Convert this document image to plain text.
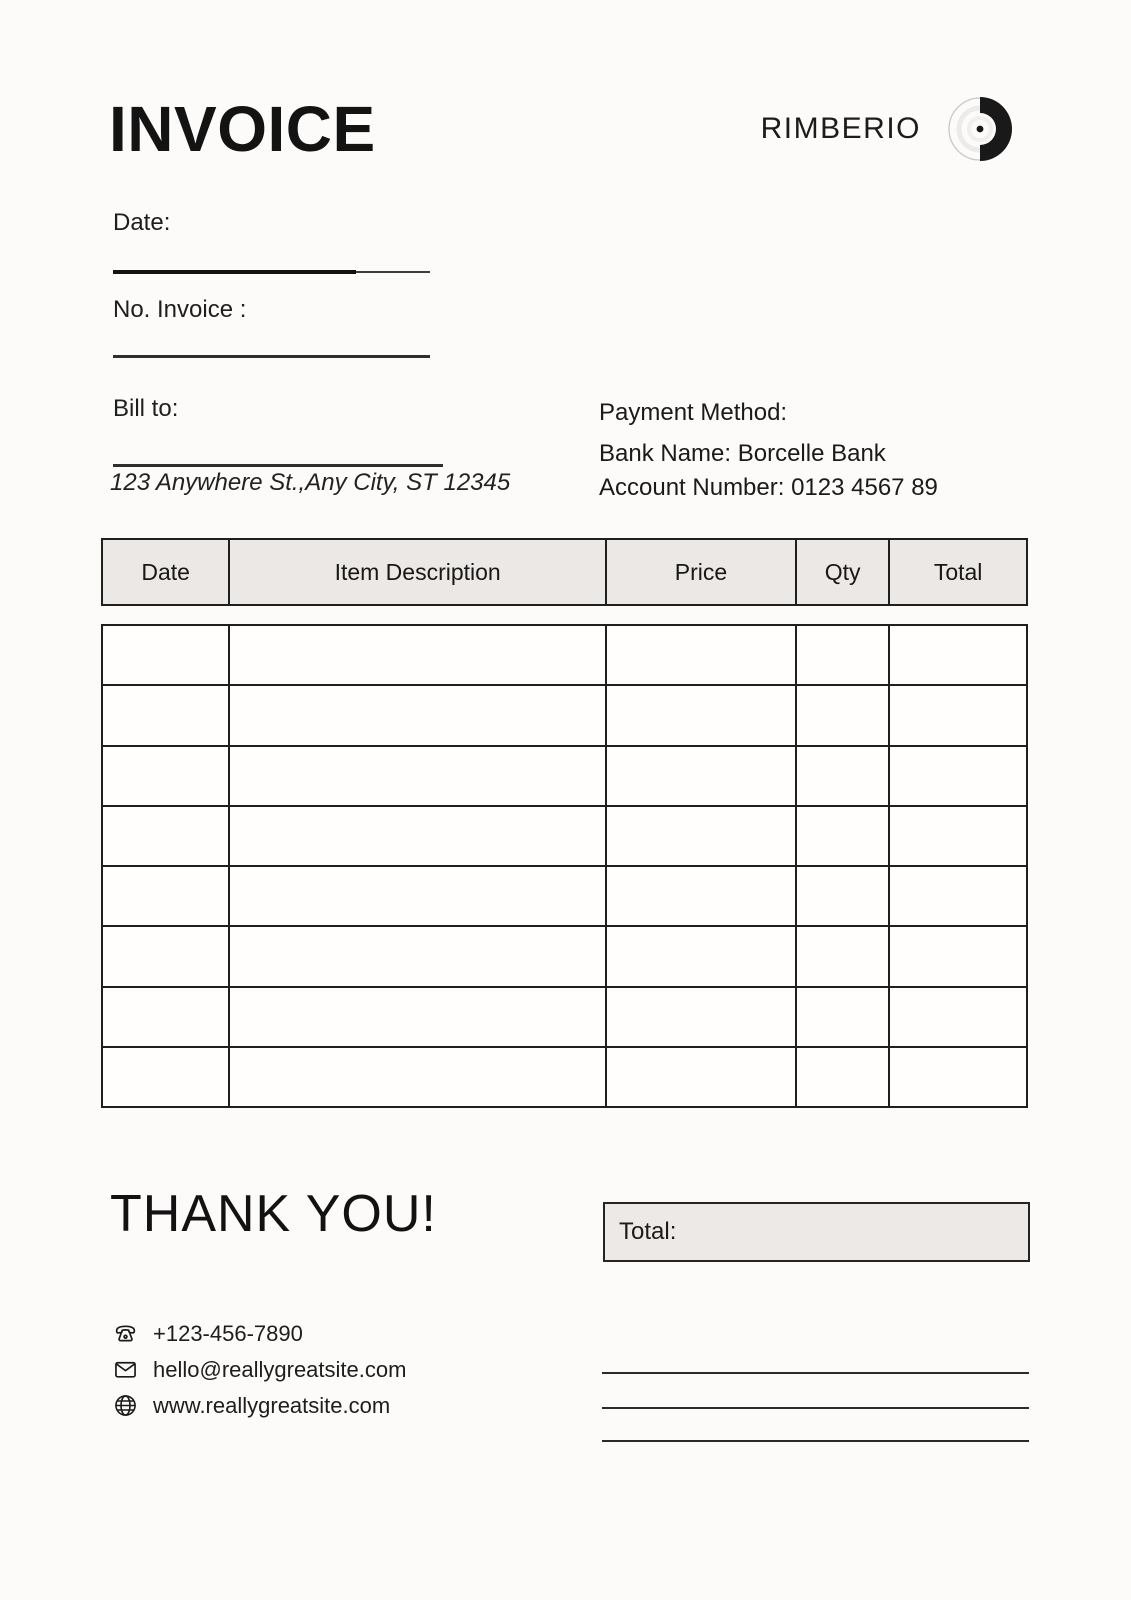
INVOICE	RIMBERIO
Date:
No. Invoice :
Bill to:
123 Anywhere St.,Any City, ST 12345
Payment Method:
Bank Name: Borcelle Bank
Account Number: 0123 4567 89
Date	Item Description	Price	Qty	Total
THANK YOU!	Total:
+123-456-7890
hello@reallygreatsite.com
www.reallygreatsite.com
